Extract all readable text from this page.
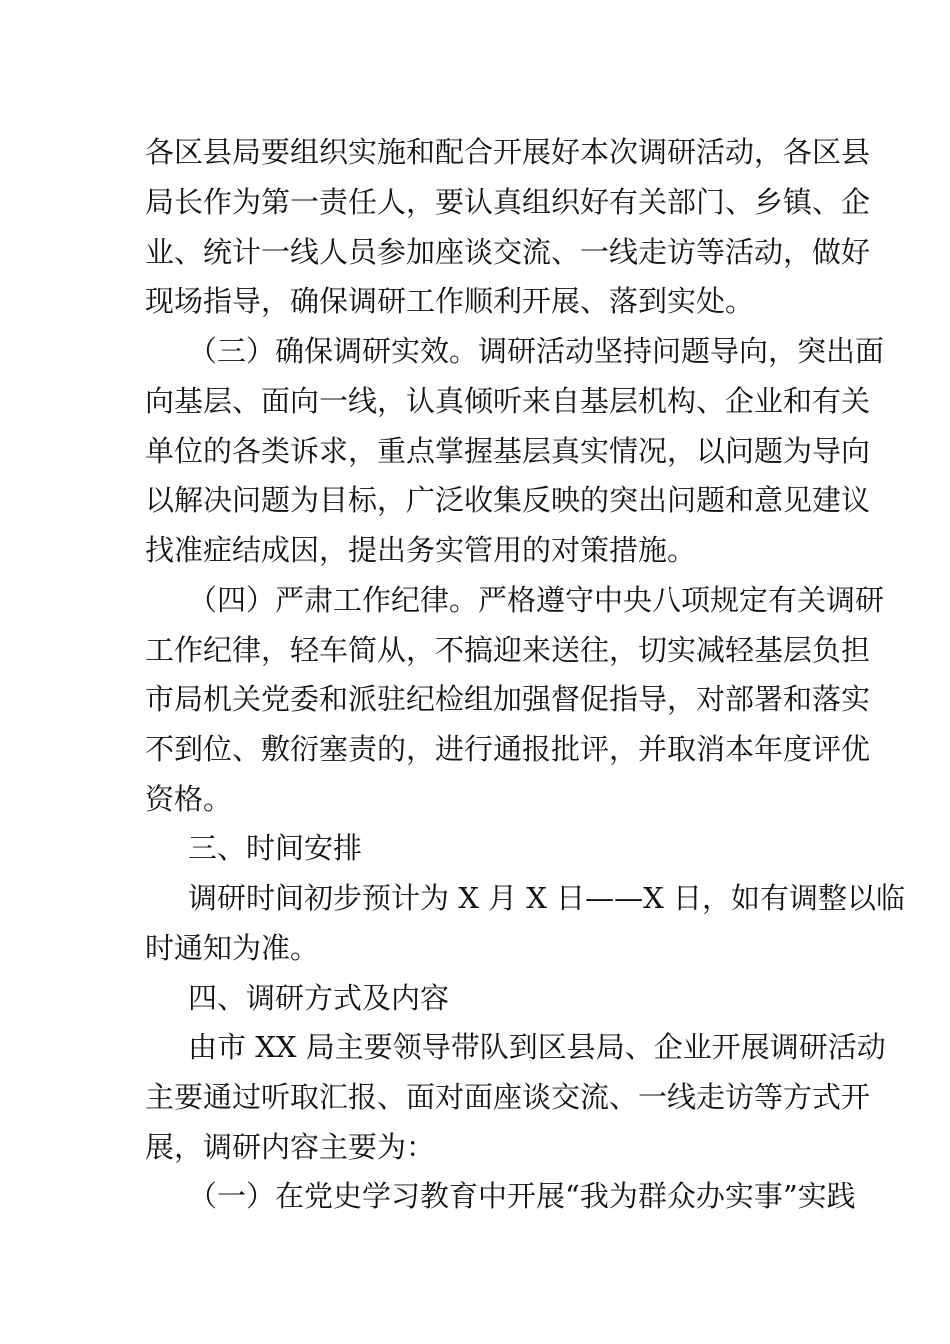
各区县局要组织实施和配合开展好本次调研活动，各区县

局长作为第一责任人，要认真组织好有关部门、乡镇、企

业、统计一线人员参加座谈交流、一线走访等活动，做好

现场指导，确保调研工作顺利开展、落到实处。

（三）确保调研实效。调研活动坚持问题导向，突出面

向基层、面向一线，认真倾听来自基层机构、企业和有关

单位的各类诉求，重点掌握基层真实情况，以问题为导向

以解决问题为目标，广泛收集反映的突出问题和意见建议

找准症结成因，提出务实管用的对策措施。

（四）严肃工作纪律。严格遵守中央八项规定有关调研

工作纪律，轻车简从，不搞迎来送往，切实减轻基层负担

市局机关党委和派驻纪检组加强督促指导，对部署和落实

不到位、敷衍塞责的，进行通报批评，并取消本年度评优

资格。

三、时间安排

调研时间初步预计为 X 月 X 日——X 日，如有调整以临

时通知为准。

四、调研方式及内容

由市 XX 局主要领导带队到区县局、企业开展调研活动

主要通过听取汇报、面对面座谈交流、一线走访等方式开

展，调研内容主要为：

（一）在党史学习教育中开展“我为群众办实事”实践
